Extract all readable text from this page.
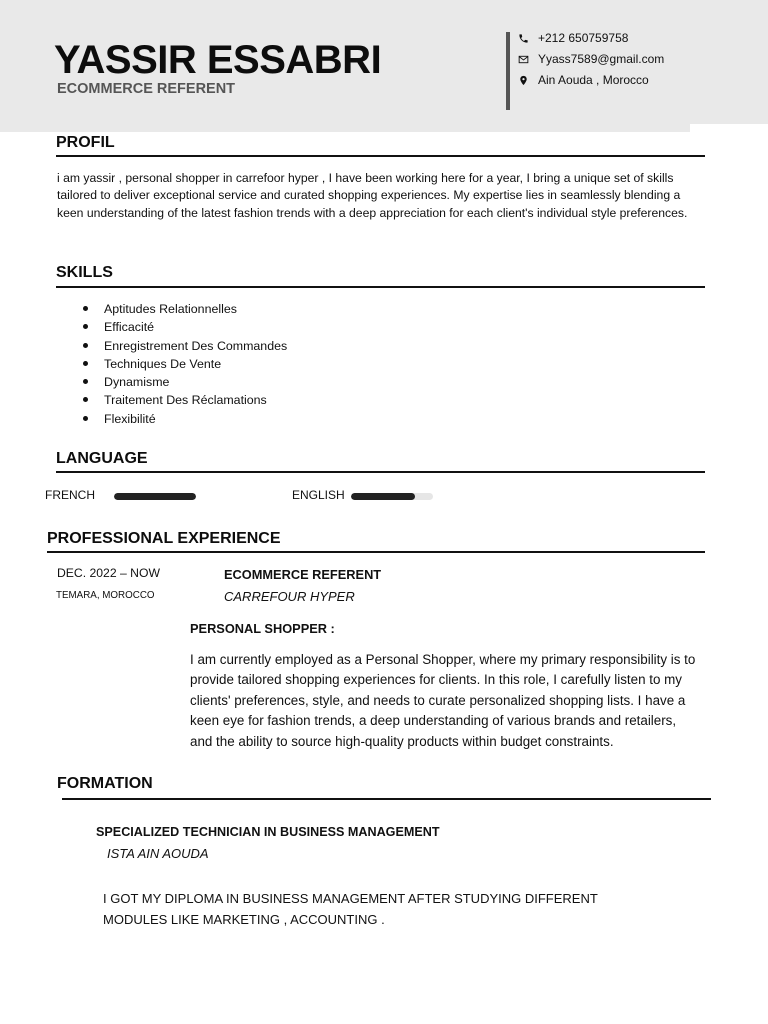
YASSIR ESSABRI
ECOMMERCE REFERENT
+212 650759758
Yyass7589@gmail.com
Ain Aouda , Morocco
PROFIL
i am yassir , personal shopper in carrefoor hyper , I have been working here for a year, I bring a unique set of skills tailored to deliver exceptional service and curated shopping experiences. My expertise lies in seamlessly blending a keen understanding of the latest fashion trends with a deep appreciation for each client's individual style preferences.
SKILLS
Aptitudes Relationnelles
Efficacité
Enregistrement Des Commandes
Techniques De Vente
Dynamisme
Traitement Des Réclamations
Flexibilité
LANGUAGE
FRENCH	ENGLISH
PROFESSIONAL EXPERIENCE
DEC. 2022 – NOW
TEMARA, MOROCCO
ECOMMERCE REFERENT
CARREFOUR HYPER
PERSONAL SHOPPER :
I am currently employed as a Personal Shopper, where my primary responsibility is to provide tailored shopping experiences for clients. In this role, I carefully listen to my clients' preferences, style, and needs to curate personalized shopping lists. I have a keen eye for fashion trends, a deep understanding of various brands and retailers, and the ability to source high-quality products within budget constraints.
FORMATION
SPECIALIZED TECHNICIAN IN BUSINESS MANAGEMENT
ISTA AIN AOUDA
I GOT MY DIPLOMA IN BUSINESS MANAGEMENT AFTER STUDYING DIFFERENT MODULES LIKE MARKETING , ACCOUNTING .
